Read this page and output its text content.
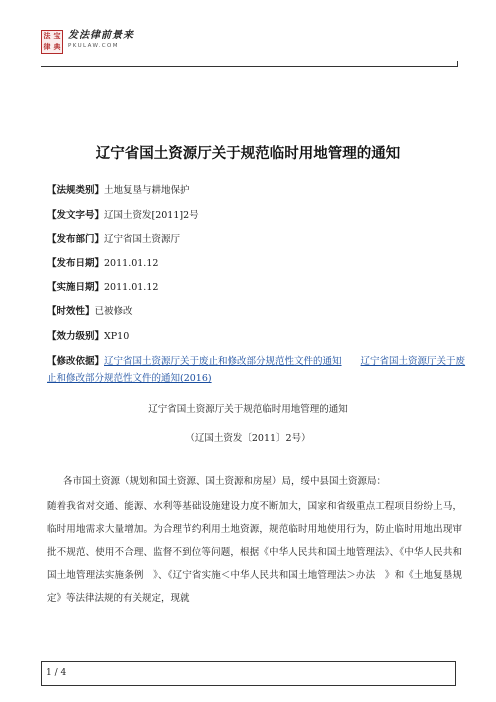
法 宝
律 典
发法律前景来
PKULAW.COM
辽宁省国土资源厅关于规范临时用地管理的通知
【法规类别】土地复垦与耕地保护
【发文字号】辽国土资发[2011]2号
【发布部门】辽宁省国土资源厅
【发布日期】2011.01.12
【实施日期】2011.01.12
【时效性】已被修改
【效力级别】XP10
【修改依据】辽宁省国土资源厅关于废止和修改部分规范性文件的通知　　 辽宁省国土资源厅关于废止和修改部分规范性文件的通知(2016)
辽宁省国土资源厅关于规范临时用地管理的通知
（辽国土资发〔2011〕2号）
各市国土资源（规划和国土资源、国土资源和房屋）局，绥中县国土资源局：
随着我省对交通、能源、水利等基础设施建设力度不断加大，国家和省级重点工程项目纷纷上马，临时用地需求大量增加。为合理节约利用土地资源，规范临时用地使用行为，防止临时用地出现审批不规范、使用不合理、监督不到位等问题，根据《中华人民共和国土地管理法》、《中华人民共和国土地管理法实施条例　》、《辽宁省实施＜中华人民共和国土地管理法＞办法　》和《土地复垦规定》等法律法规的有关规定，现就
1 / 4
